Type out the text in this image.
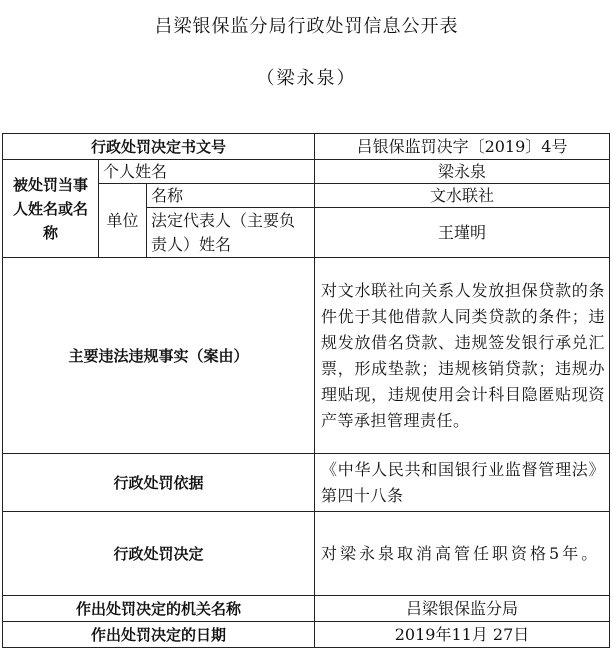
吕梁银保监分局行政处罚信息公开表
（梁永泉）
行政处罚决定书文号			吕银保监罚决字〔2019〕4号
被处罚当事人姓名或名称	个人姓名		梁永泉
	单位	名称	文水联社
		法定代表人（主要负责人）姓名	王瑾明
主要违法违规事实（案由）			对文水联社向关系人发放担保贷款的条件优于其他借款人同类贷款的条件；违规发放借名贷款、违规签发银行承兑汇票，形成垫款；违规核销贷款；违规办理贴现，违规使用会计科目隐匿贴现资产等承担管理责任。
行政处罚依据			《中华人民共和国银行业监督管理法》第四十八条
行政处罚决定			对梁永泉取消高管任职资格5年。
作出处罚决定的机关名称			吕梁银保监分局
作出处罚决定的日期			2019年11月 27日
